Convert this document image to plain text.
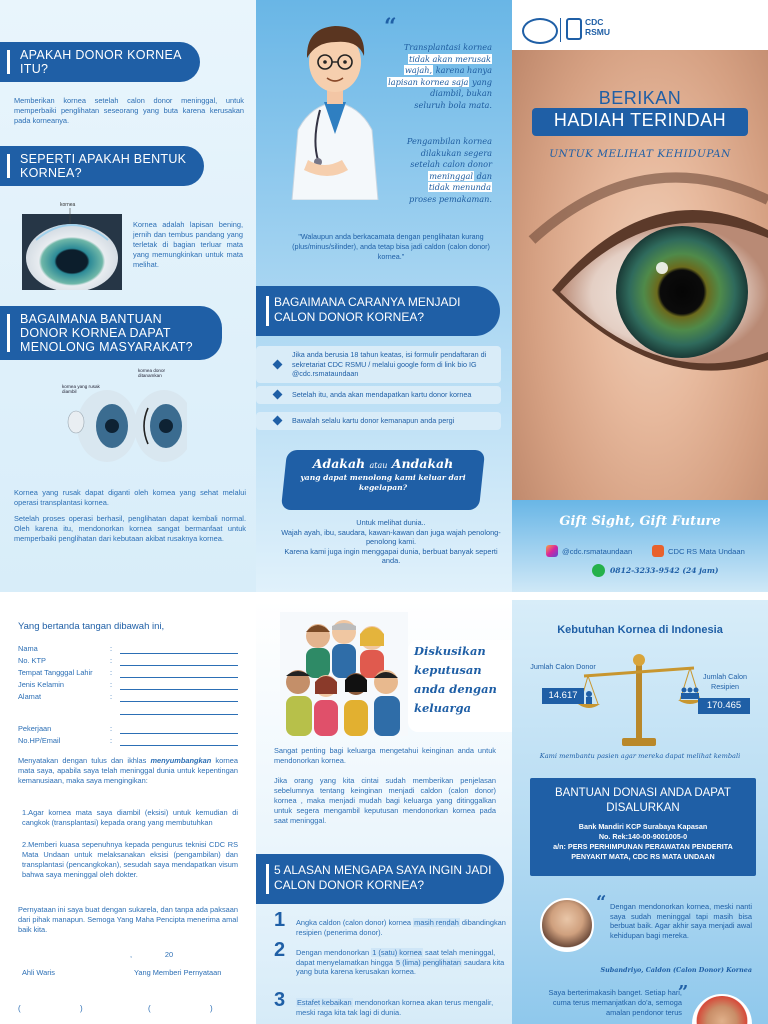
APAKAH DONOR KORNEA ITU?
Memberikan kornea setelah calon donor meninggal, untuk memperbaiki penglihatan seseorang yang buta karena kerusakan pada korneanya.
SEPERTI APAKAH BENTUK KORNEA?
kornea
Kornea adalah lapisan bening, jernih dan tembus pandang yang terletak di bagian terluar mata yang memungkinkan untuk mata melihat.
BAGAIMANA BANTUAN DONOR KORNEA DAPAT MENOLONG MASYARAKAT?
kornea yang rusak diambil
kornea donor ditanamkan
Kornea yang rusak dapat diganti oleh kornea yang sehat melalui operasi transplantasi kornea.
Setelah proses operasi berhasil, penglihatan dapat kembali normal. Oleh karena itu, mendonorkan kornea sangat bermanfaat untuk memperbaiki penglihatan dari kebutaan akibat rusaknya kornea.
“
Transplantasi kornea
tidak akan merusak
wajah, karena hanya
lapisan kornea saja yang
diambil, bukan
seluruh bola mata.
Pengambilan kornea
dilakukan segera
setelah calon donor
meninggal dan
tidak menunda
proses pemakaman.
"Walaupun anda berkacamata dengan penglihatan kurang (plus/minus/silinder), anda tetap bisa jadi caldon (calon donor) kornea."
BAGAIMANA CARANYA MENJADI CALON DONOR KORNEA?
Jika anda berusia 18 tahun keatas, isi formulir pendaftaran di sekretariat CDC RSMU / melalui google form di link bio IG @cdc.rsmataundaan
Setelah itu, anda akan mendapatkan kartu donor kornea
Bawalah selalu kartu donor kemanapun anda pergi
Adakah atau Andakah
yang dapat menolong kami keluar dari kegelapan?
Untuk melihat dunia..
Wajah ayah, ibu, saudara, kawan-kawan dan juga wajah penolong-penolong kami.
Karena kami juga ingin menggapai dunia, berbuat banyak seperti anda.
CDC
RSMU
BERIKAN
HADIAH TERINDAH
UNTUK MELIHAT KEHIDUPAN
Gift Sight, Gift Future
@cdc.rsmataundaan	CDC RS Mata Undaan
0812-3233-9542 (24 jam)
Yang bertanda tangan dibawah ini,
Nama	:
No. KTP	:
Tempat Tangggal Lahir :
Jenis Kelamin	:
Alamat	:
Pekerjaan	:
No.HP/Email	:
Menyatakan dengan tulus dan ikhlas menyumbangkan kornea mata saya, apabila saya telah meninggal dunia untuk kepentingan kemanusiaan, maka saya mengingikan:
1.Agar kornea mata saya diambil (eksisi) untuk kemudian di cangkok (transplantasi) kepada orang yang membutuhkan
2.Memberi kuasa sepenuhnya kepada pengurus teknisi CDC RS Mata Undaan untuk melaksanakan eksisi (pengambilan) dan transplantasi (pencangkokan), sesudah saya mendapatkan visum bahwa saya meninggal oleh dokter.
Pernyataan ini saya buat dengan sukarela, dan tanpa ada paksaan dari pihak manapun. Semoga Yang Maha Pencipta menerima amal baik kita.
,                20
Ahli Waris	Yang Memberi Pernyataan
(	)	(	)
Diskusikan keputusan anda dengan keluarga
Sangat penting bagi keluarga mengetahui keinginan anda untuk mendonorkan kornea.
Jika orang yang kita cintai sudah memberikan penjelasan sebelumnya tentang keinginan menjadi caldon (calon donor) kornea , maka menjadi mudah bagi keluarga yang ditinggalkan untuk segera mengambil keputusan mendonorkan kornea pada saat meninggal.
5 ALASAN MENGAPA SAYA INGIN JADI CALON DONOR KORNEA?
1	Angka caldon (calon donor) kornea masih rendah dibandingkan resipien (penerima donor).
2	Dengan mendonorkan 1 (satu) kornea saat telah meninggal, dapat menyelamatkan hingga 5 (lima) penglihatan saudara kita yang buta karena kerusakan kornea.
3	Estafet kebaikan mendonorkan kornea akan terus mengalir, meski raga kita tak lagi di dunia.
Kebutuhan Kornea di Indonesia
Jumlah Calon Donor
14.617
Jumlah Calon Resipien
170.465
Kami membantu pasien agar mereka dapat melihat kembali
BANTUAN DONASI ANDA DAPAT DISALURKAN
Bank Mandiri KCP Surabaya Kapasan
No. Rek:140-00-9001005-0
a/n: PERS PERHIMPUNAN PERAWATAN PENDERITA PENYAKIT MATA, CDC RS MATA UNDAAN
“ Dengan mendonorkan kornea, meski nanti saya sudah meninggal tapi masih bisa berbuat baik. Agar akhir saya menjadi awal kehidupan bagi mereka.
Subandriyo, Caldon (Calon Donor) Kornea
Saya berterimakasih banget. Setiap hari, cuma terus memanjatkan do'a, semoga amalan pendonor terus
”
